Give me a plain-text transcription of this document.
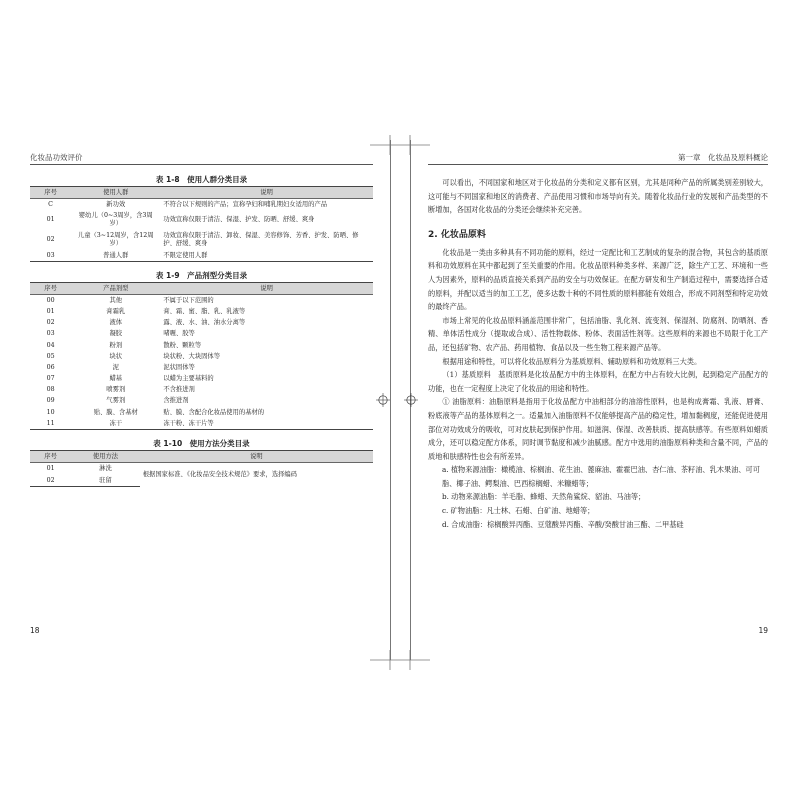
化妆品功效评价

表 1-8　使用人群分类目录

序号	使用人群	说明
C	新功效	不符合以下规则的产品；宣称孕妇和哺乳期妇女适用的产品
01	婴幼儿（0~3周岁，含3周岁）	功效宣称仅限于清洁、保湿、护发、防晒、舒缓、爽身
02	儿童（3~12周岁，含12周岁）	功效宣称仅限于清洁、卸妆、保湿、美容修饰、芳香、护发、防晒、修护、舒缓、爽身
03	普通人群	不限定使用人群

表 1-9　产品剂型分类目录

序号	产品剂型	说明
00	其他	不属于以下范围的
01	膏霜乳	膏、霜、蜜、脂、乳、乳液等
02	液体	露、液、水、油、油水分离等
03	凝胶	啫喱、胶等
04	粉剂	散粉、颗粒等
05	块状	块状粉、大块固体等
06	泥	泥状固体等
07	蜡基	以蜡为主要基料的
08	喷雾剂	不含推进剂
09	气雾剂	含推进剂
10	贴、膜、含基材	贴、膜、含配合化妆品使用的基材的
11	冻干	冻干粉、冻干片等

表 1-10　使用方法分类目录

序号	使用方法	说明
01	淋洗	根据国家标准、《化妆品安全技术规范》要求，选择编码
02	驻留	
18
第一章　化妆品及原料概论

可以看出，不同国家和地区对于化妆品的分类和定义都有区别，尤其是同种产品的所属类别差别较大，这可能与不同国家和地区的消费者、产品使用习惯和市场导向有关。随着化妆品行业的发展和产品类型的不断增加，各国对化妆品的分类还会继续补充完善。

2. 化妆品原料

化妆品是一类由多种具有不同功能的原料，经过一定配比和工艺制成的复杂的混合物，其包含的基质原料和功效原料在其中都起到了至关重要的作用。化妆品原料种类多样、来源广泛，除生产工艺、环境和一些人为因素外，原料的品质直接关系到产品的安全与功效保证。在配方研发和生产制造过程中，需要选择合适的原料，并配以适当的加工工艺，使多达数十种的不同性质的原料都能有效组合，形成不同剂型和特定功效的最终产品。

市场上常见的化妆品原料涵盖范围非常广，包括油脂、乳化剂、流变剂、保湿剂、防腐剂、防晒剂、香精、单体活性成分（提取或合成）、活性物载体、粉体、表面活性剂等。这些原料的来源也不局限于化工产品，还包括矿物、农产品、药用植物、食品以及一些生物工程来源产品等。

根据用途和特性，可以将化妆品原料分为基质原料、辅助原料和功效原料三大类。

（1）基质原料　基质原料是化妆品配方中的主体原料，在配方中占有较大比例，起到稳定产品配方的功能，也在一定程度上决定了化妆品的用途和特性。

① 油脂原料：油脂原料是指用于化妆品配方中油相部分的油溶性原料，也是构成膏霜、乳液、唇膏、粉底液等产品的基体原料之一。适量加入油脂原料不仅能够提高产品的稳定性，增加黏稠度，还能促进使用部位对功效成分的吸收，可对皮肤起到保护作用。如滋润、保湿、改善肤质、提高肤感等。有些原料如蜡质成分，还可以稳定配方体系，同时调节黏度和减少油腻感。配方中选用的油脂原料种类和含量不同，产品的质地和肤感特性也会有所差异。

a. 植物来源油脂：橄榄油、棕榈油、花生油、蓖麻油、霍霍巴油、杏仁油、茶籽油、乳木果油、可可脂、椰子油、鳄梨油、巴西棕榈蜡、米糠蜡等；

b. 动物来源油脂：羊毛脂、蜂蜡、天然角鲨烷、貂油、马油等；

c. 矿物油脂：凡士林、石蜡、白矿油、地蜡等；

d. 合成油脂：棕榈酸异丙酯、豆蔻酸异丙酯、辛酸/癸酸甘油三酯、二甲基硅

19
